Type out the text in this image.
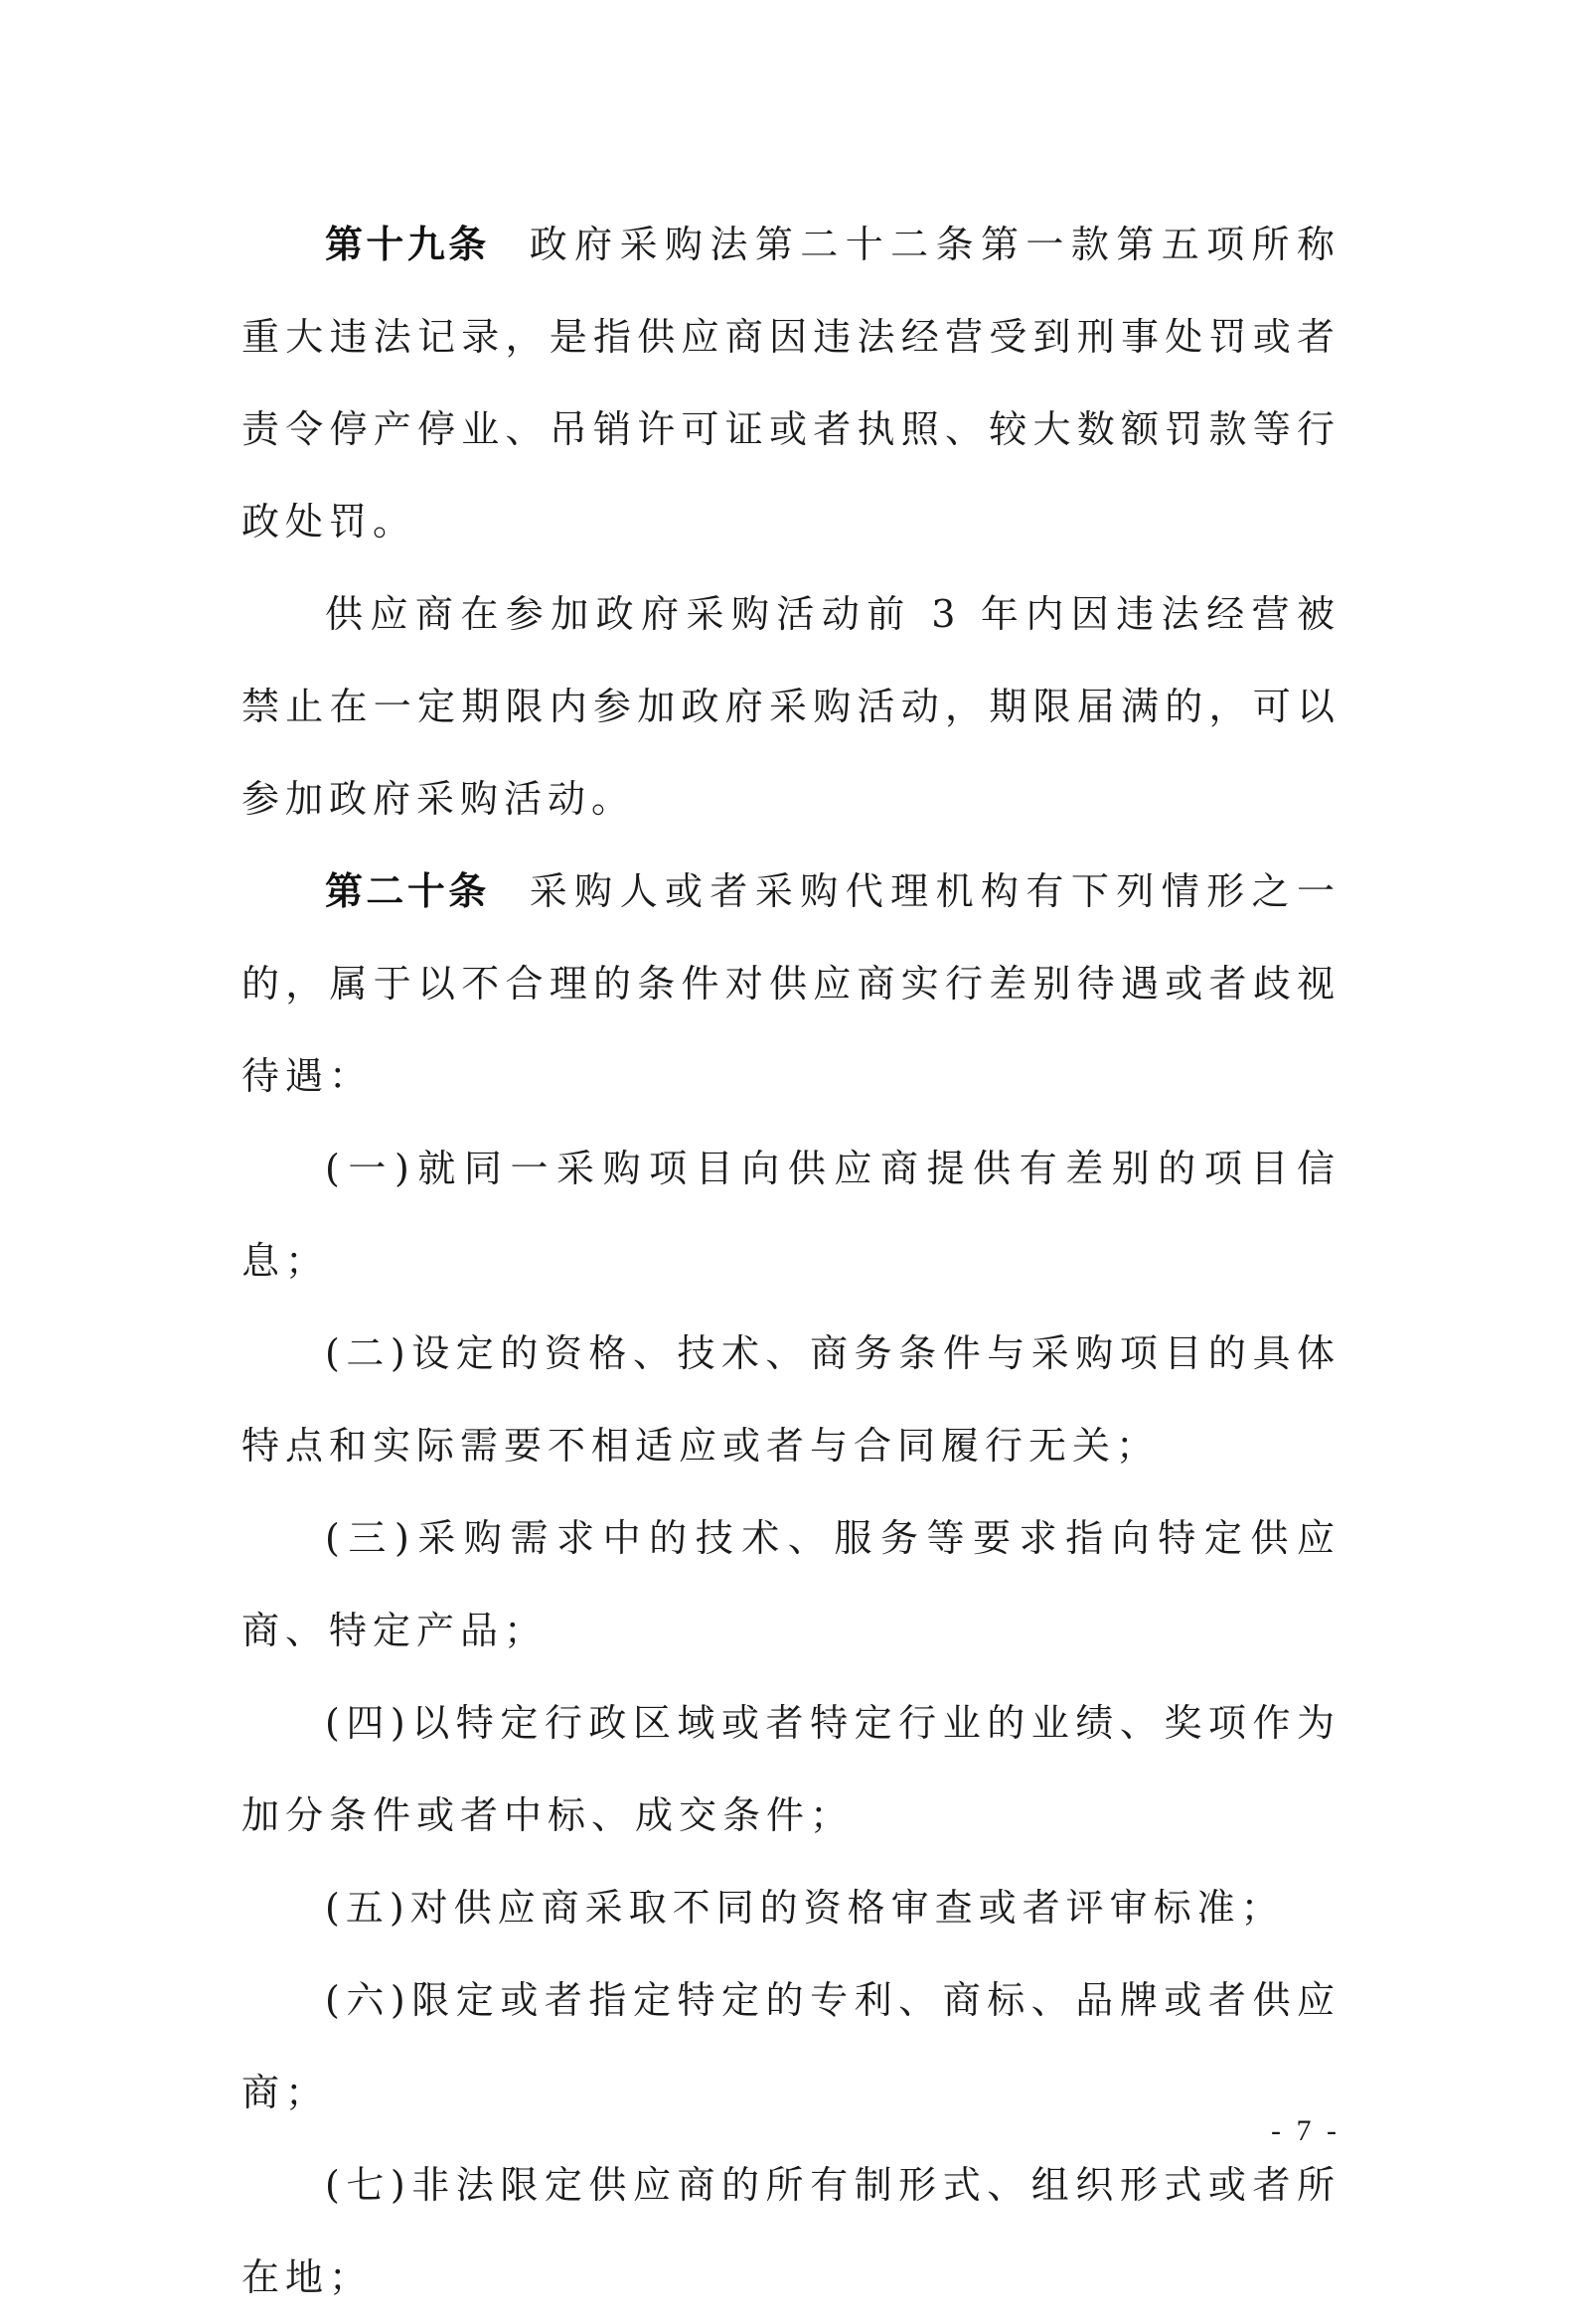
第十九条 政府采购法第二十二条第一款第五项所称重大违法记录，是指供应商因违法经营受到刑事处罚或者责令停产停业、吊销许可证或者执照、较大数额罚款等行政处罚。

供应商在参加政府采购活动前 3 年内因违法经营被禁止在一定期限内参加政府采购活动，期限届满的，可以参加政府采购活动。

第二十条 采购人或者采购代理机构有下列情形之一的，属于以不合理的条件对供应商实行差别待遇或者歧视待遇：

(一)就同一采购项目向供应商提供有差别的项目信息；

(二)设定的资格、技术、商务条件与采购项目的具体特点和实际需要不相适应或者与合同履行无关；

(三)采购需求中的技术、服务等要求指向特定供应商、特定产品；

(四)以特定行政区域或者特定行业的业绩、奖项作为加分条件或者中标、成交条件；

(五)对供应商采取不同的资格审查或者评审标准；

(六)限定或者指定特定的专利、商标、品牌或者供应商；

(七)非法限定供应商的所有制形式、组织形式或者所在地；

- 7 -
